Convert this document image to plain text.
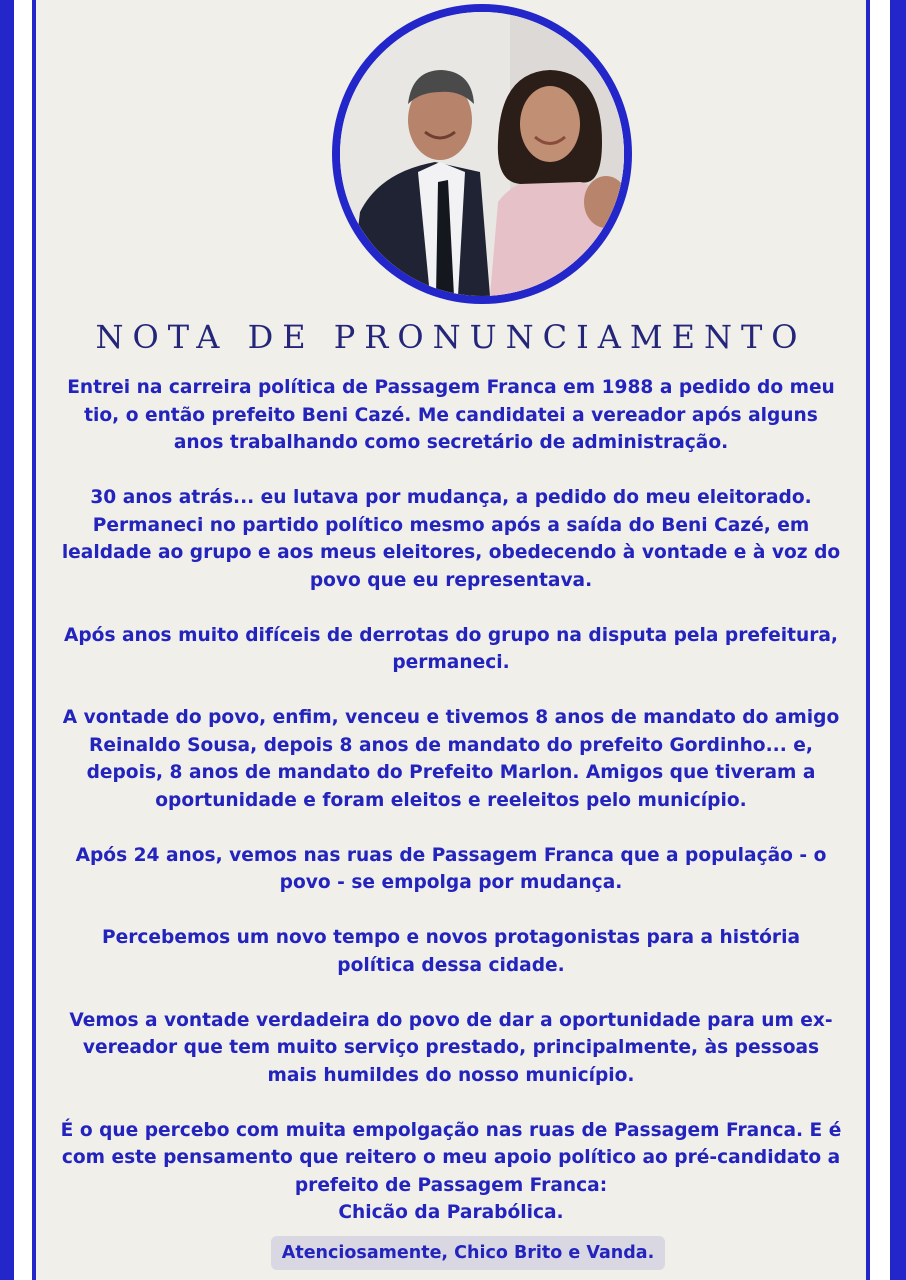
NOTA DE PRONUNCIAMENTO

Entrei na carreira política de Passagem Franca em 1988 a pedido do meu tio, o então prefeito Beni Cazé. Me candidatei a vereador após alguns anos trabalhando como secretário de administração.

30 anos atrás... eu lutava por mudança, a pedido do meu eleitorado. Permaneci no partido político mesmo após a saída do Beni Cazé, em lealdade ao grupo e aos meus eleitores, obedecendo à vontade e à voz do povo que eu representava.

Após anos muito difíceis de derrotas do grupo na disputa pela prefeitura, permaneci.

A vontade do povo, enfim, venceu e tivemos 8 anos de mandato do amigo Reinaldo Sousa, depois 8 anos de mandato do prefeito Gordinho... e, depois, 8 anos de mandato do Prefeito Marlon. Amigos que tiveram a oportunidade e foram eleitos e reeleitos pelo município.

Após 24 anos, vemos nas ruas de Passagem Franca que a população - o povo - se empolga por mudança.

Percebemos um novo tempo e novos protagonistas para a história política dessa cidade.

Vemos a vontade verdadeira do povo de dar a oportunidade para um ex-vereador que tem muito serviço prestado, principalmente, às pessoas mais humildes do nosso município.

É o que percebo com muita empolgação nas ruas de Passagem Franca. E é com este pensamento que reitero o meu apoio político ao pré-candidato a prefeito de Passagem Franca:

Chicão da Parabólica.

Atenciosamente, Chico Brito e Vanda.
